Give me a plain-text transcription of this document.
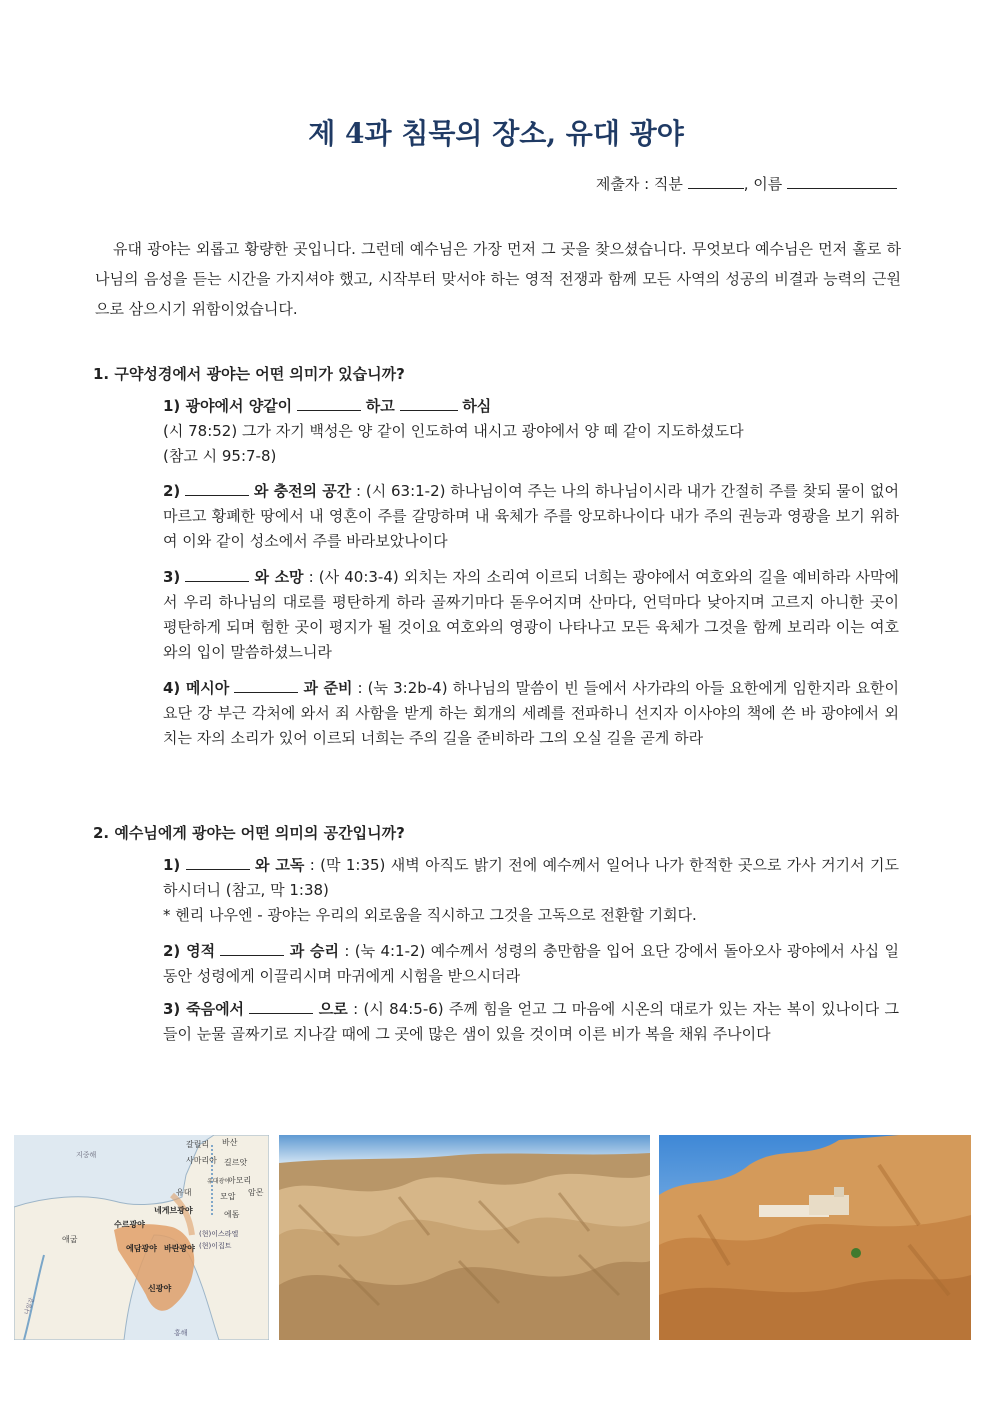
제 4과 침묵의 장소, 유대 광야
제출자 : 직분	, 이름
유대 광야는 외롭고 황량한 곳입니다. 그런데 예수님은 가장 먼저 그 곳을 찾으셨습니다. 무엇보다 예수님은 먼저 홀로 하나님의 음성을 듣는 시간을 가지셔야 했고, 시작부터 맞서야 하는 영적 전쟁과 함께 모든 사역의 성공의 비결과 능력의 근원으로 삼으시기 위함이었습니다.
1. 구약성경에서 광야는 어떤 의미가 있습니까?
1) 광야에서 양같이	하고	하심
(시 78:52) 그가 자기 백성은 양 같이 인도하여 내시고 광야에서 양 떼 같이 지도하셨도다
(참고 시 95:7-8)
2)	와 충전의 공간 : (시 63:1-2) 하나님이여 주는 나의 하나님이시라 내가 간절히 주를 찾되 물이 없어 마르고 황폐한 땅에서 내 영혼이 주를 갈망하며 내 육체가 주를 앙모하나이다 내가 주의 권능과 영광을 보기 위하여 이와 같이 성소에서 주를 바라보았나이다
3)	와 소망 : (사 40:3-4) 외치는 자의 소리여 이르되 너희는 광야에서 여호와의 길을 예비하라 사막에서 우리 하나님의 대로를 평탄하게 하라 골짜기마다 돋우어지며 산마다, 언덕마다 낮아지며 고르지 아니한 곳이 평탄하게 되며 험한 곳이 평지가 될 것이요 여호와의 영광이 나타나고 모든 육체가 그것을 함께 보리라 이는 여호와의 입이 말씀하셨느니라
4) 메시아	과 준비 : (눅 3:2b-4) 하나님의 말씀이 빈 들에서 사가랴의 아들 요한에게 임한지라 요한이 요단 강 부근 각처에 와서 죄 사함을 받게 하는 회개의 세례를 전파하니 선지자 이사야의 책에 쓴 바 광야에서 외치는 자의 소리가 있어 이르되 너희는 주의 길을 준비하라 그의 오실 길을 곧게 하라
2. 예수님에게 광야는 어떤 의미의 공간입니까?
1)	와 고독 : (막 1:35) 새벽 아직도 밝기 전에 예수께서 일어나 나가 한적한 곳으로 가사 거기서 기도하시더니 (참고, 막 1:38)
* 헨리 나우엔 - 광야는 우리의 외로움을 직시하고 그것을 고독으로 전환할 기회다.
2) 영적	과 승리 : (눅 4:1-2) 예수께서 성령의 충만함을 입어 요단 강에서 돌아오사 광야에서 사십 일 동안 성령에게 이끌리시며 마귀에게 시험을 받으시더라
3) 죽음에서	으로 : (시 84:5-6) 주께 힘을 얻고 그 마음에 시온의 대로가 있는 자는 복이 있나이다 그들이 눈물 골짜기로 지나갈 때에 그 곳에 많은 샘이 있을 것이며 이른 비가 복을 채워 주나이다
지중해
애굽
나일강
홍해
갈릴리 바산
사마리아 길르앗
아모리
유대	암몬
모압
유대광야
에돔
네게브광야
수르광야
에담광야 바란광야
신광야
(현)이스라엘
(현)이집트
